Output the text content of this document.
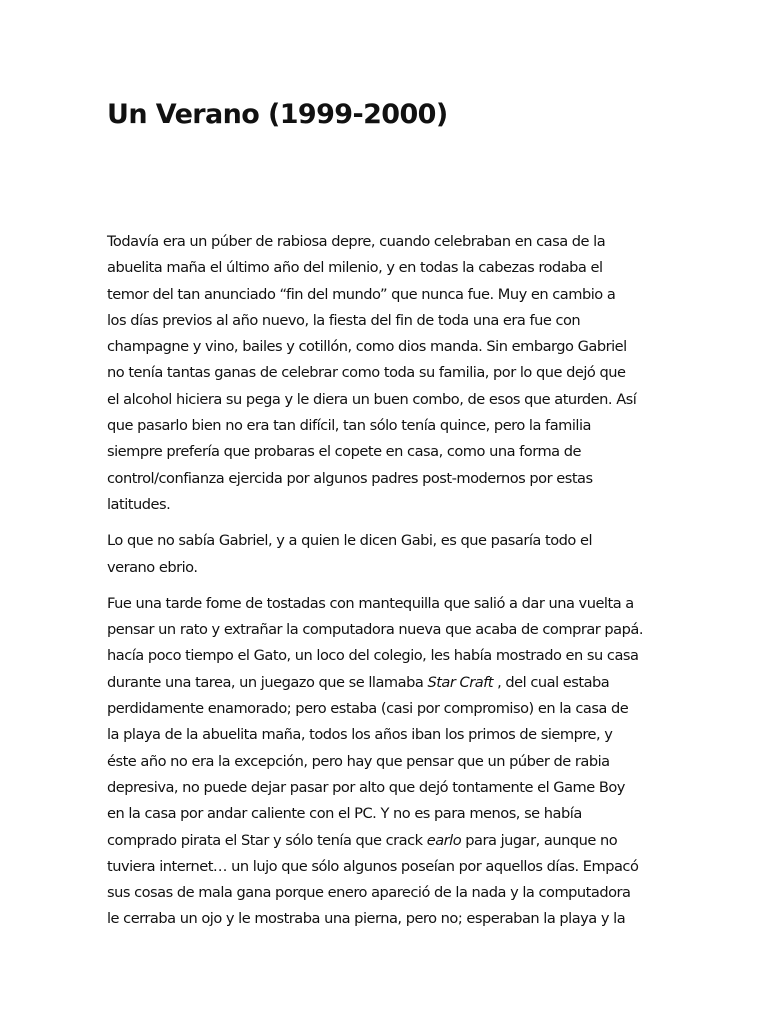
Un Verano (1999-2000)

Todavía era un púber de rabiosa depre, cuando celebraban en casa de la
abuelita maña el último año del milenio, y en todas la cabezas rodaba el
temor del tan anunciado “fin del mundo” que nunca fue. Muy en cambio a
los días previos al año nuevo, la fiesta del fin de toda una era fue con
champagne y vino, bailes y cotillón, como dios manda. Sin embargo Gabriel
no tenía tantas ganas de celebrar como toda su familia, por lo que dejó que
el alcohol hiciera su pega y le diera un buen combo, de esos que aturden. Así
que pasarlo bien no era tan difícil, tan sólo tenía quince, pero la familia
siempre prefería que probaras el copete en casa, como una forma de
control/confianza ejercida por algunos padres post-modernos por estas
latitudes.

Lo que no sabía Gabriel, y a quien le dicen Gabi, es que pasaría todo el
verano ebrio.

Fue una tarde fome de tostadas con mantequilla que salió a dar una vuelta a
pensar un rato y extrañar la computadora nueva que acaba de comprar papá.
hacía poco tiempo el Gato, un loco del colegio, les había mostrado en su casa
durante una tarea, un juegazo que se llamaba Star Craft , del cual estaba
perdidamente enamorado; pero estaba (casi por compromiso) en la casa de
la playa de la abuelita maña, todos los años iban los primos de siempre, y
éste año no era la excepción, pero hay que pensar que un púber de rabia
depresiva, no puede dejar pasar por alto que dejó tontamente el Game Boy
en la casa por andar caliente con el PC. Y no es para menos, se había
comprado pirata el Star y sólo tenía que crack earlo para jugar, aunque no
tuviera internet… un lujo que sólo algunos poseían por aquellos días. Empacó
sus cosas de mala gana porque enero apareció de la nada y la computadora
le cerraba un ojo y le mostraba una pierna, pero no; esperaban la playa y la
